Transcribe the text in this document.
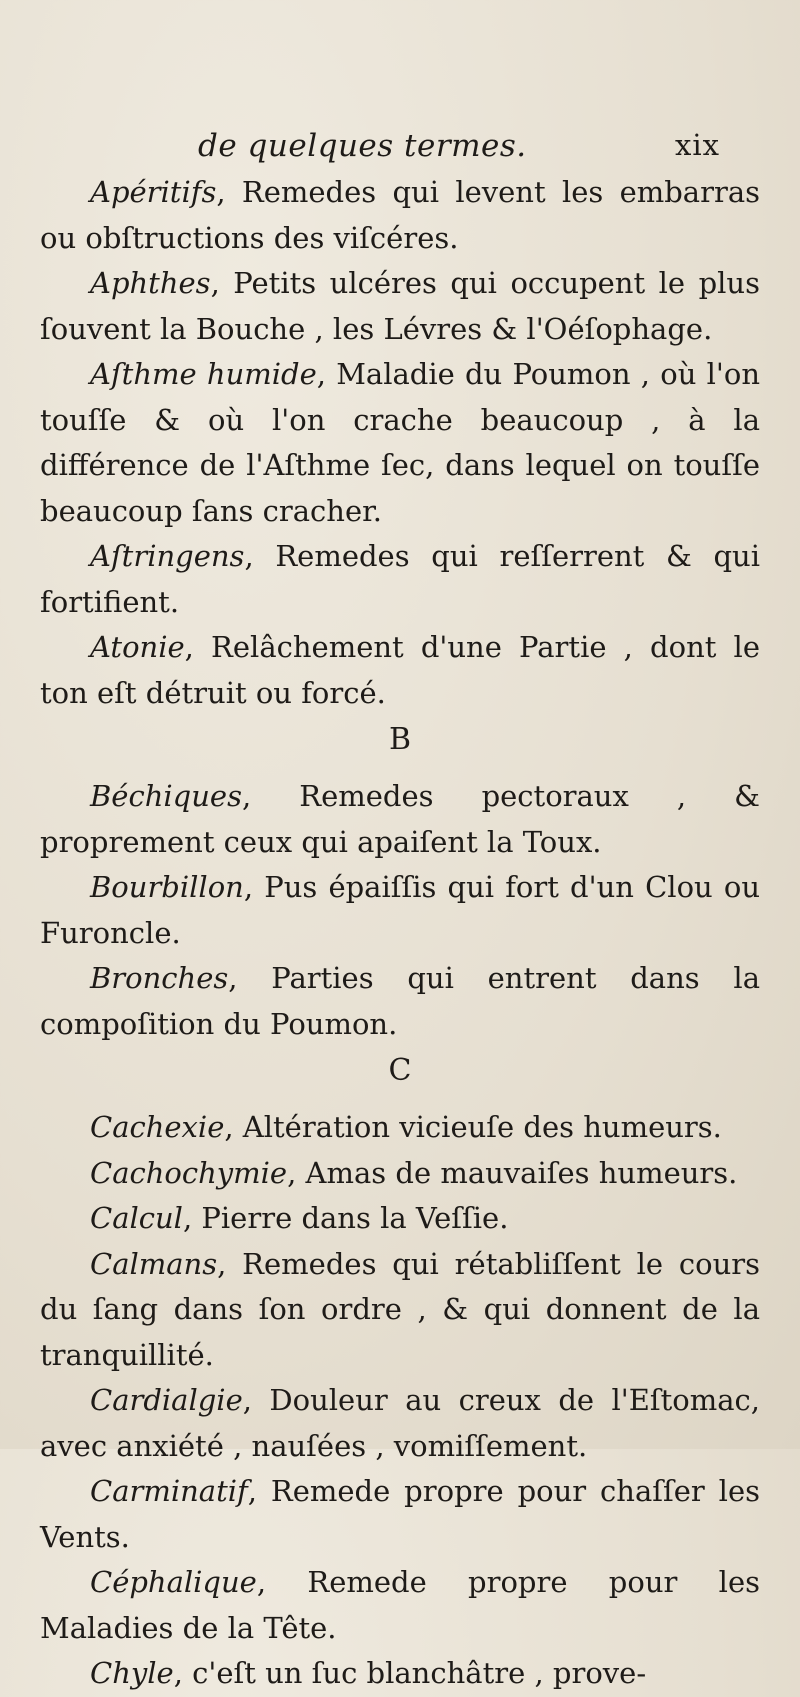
de quelques termes.	xix

Apéritifs, Remedes qui levent les embarras ou obſtructions des viſcéres.

Aphthes, Petits ulcéres qui occupent le plus ſouvent la Bouche , les Lévres & l'Oéſophage.

Aſthme humide, Maladie du Poumon , où l'on touſſe & où l'on crache beaucoup , à la différence de l'Aſthme ſec, dans lequel on touſſe beaucoup ſans cracher.

Aſtringens, Remedes qui reſſerrent & qui fortifient.

Atonie, Relâchement d'une Partie , dont le ton eſt détruit ou forcé.

B

Béchiques, Remedes pectoraux , & proprement ceux qui apaiſent la Toux.

Bourbillon, Pus épaiſſis qui fort d'un Clou ou Furoncle.

Bronches, Parties qui entrent dans la compoſition du Poumon.

C

Cachexie, Altération vicieuſe des humeurs.

Cachochymie, Amas de mauvaiſes humeurs.

Calcul, Pierre dans la Veſſie.

Calmans, Remedes qui rétabliſſent le cours du ſang dans ſon ordre , & qui donnent de la tranquillité.

Cardialgie, Douleur au creux de l'Eſtomac, avec anxiété , nauſées , vomiſſement.

Carminatif, Remede propre pour chaſſer les Vents.

Céphalique, Remede propre pour les Maladies de la Tête.

Chyle, c'eſt un ſuc blanchâtre , prove-
